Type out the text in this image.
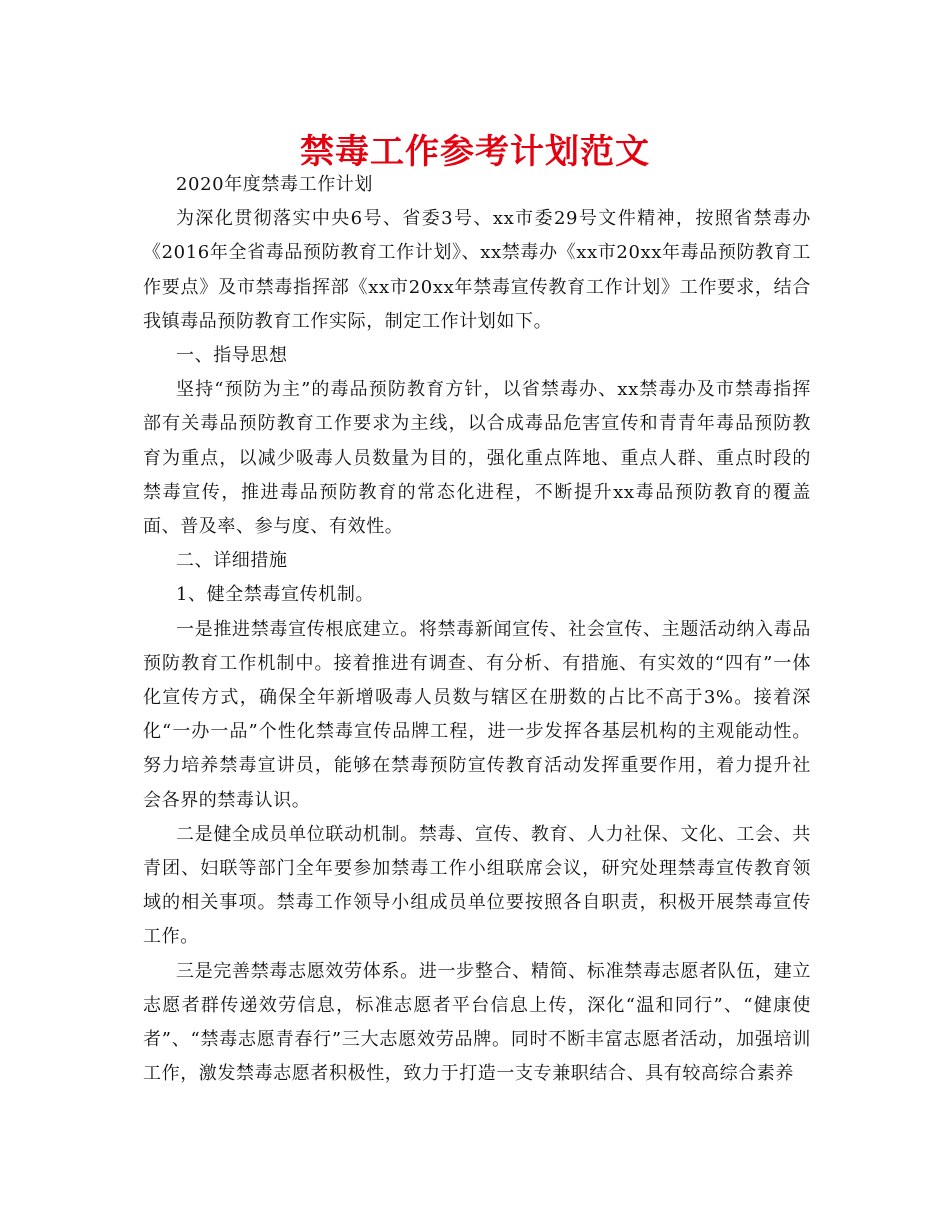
禁毒工作参考计划范文

2020年度禁毒工作计划

为深化贯彻落实中央6号、省委3号、xx市委29号文件精神，按照省禁毒办《2016年全省毒品预防教育工作计划》、xx禁毒办《xx市20xx年毒品预防教育工作要点》及市禁毒指挥部《xx市20xx年禁毒宣传教育工作计划》工作要求，结合我镇毒品预防教育工作实际，制定工作计划如下。

一、指导思想

坚持“预防为主”的毒品预防教育方针，以省禁毒办、xx禁毒办及市禁毒指挥部有关毒品预防教育工作要求为主线，以合成毒品危害宣传和青青年毒品预防教育为重点，以减少吸毒人员数量为目的，强化重点阵地、重点人群、重点时段的禁毒宣传，推进毒品预防教育的常态化进程，不断提升xx毒品预防教育的覆盖面、普及率、参与度、有效性。

二、详细措施

1、健全禁毒宣传机制。

一是推进禁毒宣传根底建立。将禁毒新闻宣传、社会宣传、主题活动纳入毒品预防教育工作机制中。接着推进有调查、有分析、有措施、有实效的“四有”一体化宣传方式，确保全年新增吸毒人员数与辖区在册数的占比不高于3%。接着深化“一办一品”个性化禁毒宣传品牌工程，进一步发挥各基层机构的主观能动性。努力培养禁毒宣讲员，能够在禁毒预防宣传教育活动发挥重要作用，着力提升社会各界的禁毒认识。

二是健全成员单位联动机制。禁毒、宣传、教育、人力社保、文化、工会、共青团、妇联等部门全年要参加禁毒工作小组联席会议，研究处理禁毒宣传教育领域的相关事项。禁毒工作领导小组成员单位要按照各自职责，积极开展禁毒宣传工作。

三是完善禁毒志愿效劳体系。进一步整合、精简、标准禁毒志愿者队伍，建立志愿者群传递效劳信息，标准志愿者平台信息上传，深化“温和同行”、“健康使者”、“禁毒志愿青春行”三大志愿效劳品牌。同时不断丰富志愿者活动，加强培训工作，激发禁毒志愿者积极性，致力于打造一支专兼职结合、具有较高综合素养
